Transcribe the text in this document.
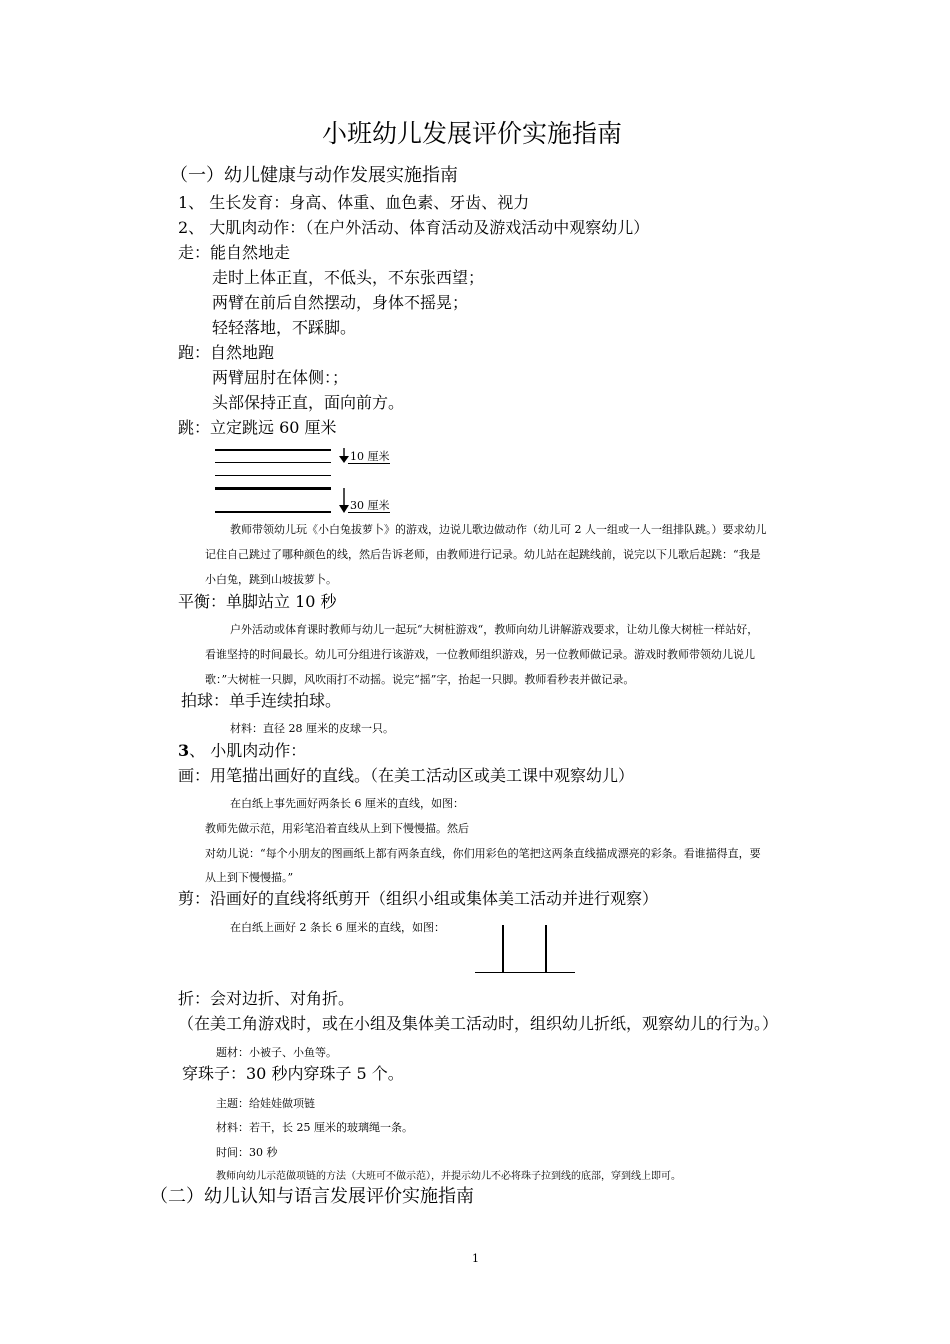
小班幼儿发展评价实施指南
（一）幼儿健康与动作发展实施指南
1、 生长发育：身高、体重、血色素、牙齿、视力
2、 大肌肉动作：（在户外活动、体育活动及游戏活动中观察幼儿）
走：能自然地走
走时上体正直，不低头，不东张西望；
两臂在前后自然摆动，身体不摇晃；
轻轻落地，不踩脚。
跑：自然地跑
两臂屈肘在体侧：；
头部保持正直，面向前方。
跳：立定跳远 60 厘米
10 厘米
30 厘米
教师带领幼儿玩《小白兔拔萝卜》的游戏，边说儿歌边做动作（幼儿可 2 人一组或一人一组排队跳。）要求幼儿
记住自己跳过了哪种颜色的线，然后告诉老师，由教师进行记录。幼儿站在起跳线前，说完以下儿歌后起跳：“我是
小白兔，跳到山坡拔萝卜。
平衡：单脚站立 10 秒
户外活动或体育课时教师与幼儿一起玩“大树桩游戏“，教师向幼儿讲解游戏要求，让幼儿像大树桩一样站好，
看谁坚持的时间最长。幼儿可分组进行该游戏，一位教师组织游戏，另一位教师做记录。游戏时教师带领幼儿说儿
歌：”大树桩一只脚，风吹雨打不动摇。说完“摇”字，抬起一只脚。教师看秒表并做记录。
拍球：单手连续拍球。
材料：直径 28 厘米的皮球一只。
3、 小肌肉动作：
画：用笔描出画好的直线。（在美工活动区或美工课中观察幼儿）
在白纸上事先画好两条长 6 厘米的直线，如图：
教师先做示范，用彩笔沿着直线从上到下慢慢描。然后
对幼儿说：“每个小朋友的图画纸上都有两条直线，你们用彩色的笔把这两条直线描成漂亮的彩条。看谁描得直，要
从上到下慢慢描。”
剪：沿画好的直线将纸剪开（组织小组或集体美工活动并进行观察）
在白纸上画好 2 条长 6 厘米的直线，如图：
折：会对边折、对角折。
（在美工角游戏时，或在小组及集体美工活动时，组织幼儿折纸，观察幼儿的行为。）
题材：小被子、小鱼等。
穿珠子：30 秒内穿珠子 5 个。
主题：给娃娃做项链
材料：若干，长 25 厘米的玻璃绳一条。
时间：30 秒
教师向幼儿示范做项链的方法（大班可不做示范），并提示幼儿不必将珠子拉到线的底部，穿到线上即可。
（二）幼儿认知与语言发展评价实施指南
1
